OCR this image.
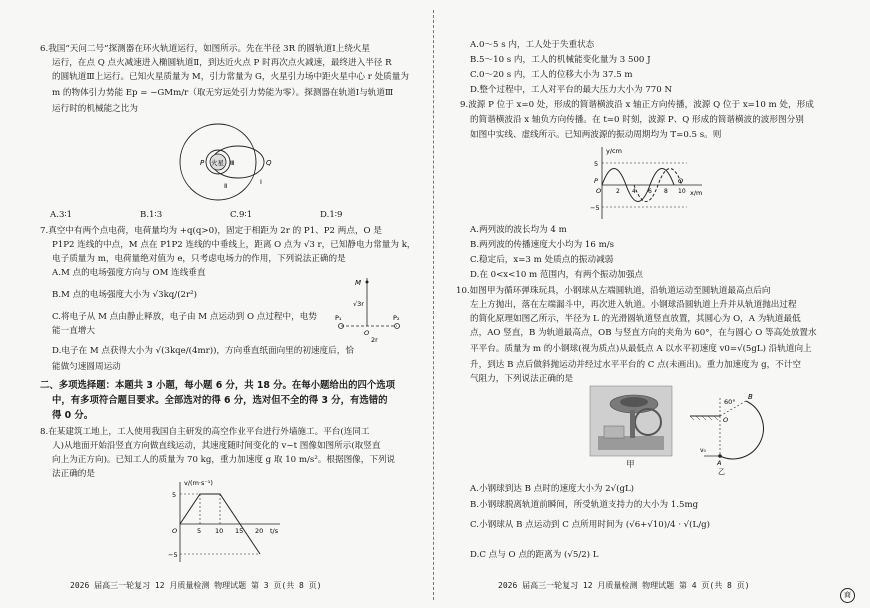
6.我国“天问二号”探测器在环火轨道运行，如图所示。先在半径 3R 的圆轨道Ⅰ上绕火星
运行，在点 Q 点火减速进入椭圆轨道Ⅱ，到达近火点 P 时再次点火减速，最终进入半径 R
的圆轨道Ⅲ上运行。已知火星质量为 M，引力常量为 G，火星引力场中距火星中心 r 处质量为
m 的物体引力势能 Ep = −GMm/r（取无穷远处引力势能为零）。探测器在轨道Ⅰ与轨道Ⅲ
运行时的机械能之比为
火星
P	Q
Ⅲ
Ⅱ	Ⅰ
A.3∶1	B.1∶3	C.9∶1	D.1∶9
7.真空中有两个点电荷，电荷量均为 +q(q>0)，固定于相距为 2r 的 P1、P2 两点，O 是
P1P2 连线的中点，M 点在 P1P2 连线的中垂线上，距离 O 点为 √3 r，已知静电力常量为 k，
电子质量为 m，电荷量绝对值为 e，只考虑电场力的作用，下列说法正确的是
A.M 点的电场强度方向与 OM 连线垂直
B.M 点的电场强度大小为 √3kq/(2r²)
C.将电子从 M 点由静止释放，电子由 M 点运动到 O 点过程中，电势
能一直增大
D.电子在 M 点获得大小为 √(3kqe/(4mr))，方向垂直纸面向里的初速度后，恰
能做匀速圆周运动
M
√3r
P₁	P₂
O
2r
二、多项选择题：本题共 3 小题，每小题 6 分，共 18 分。在每小题给出的四个选项
中，有多项符合题目要求。全部选对的得 6 分，选对但不全的得 3 分，有选错的
得 0 分。
8.在某建筑工地上，工人使用我国自主研发的高空作业平台进行外墙施工。平台(连同工
人)从地面开始沿竖直方向做直线运动，其速度随时间变化的 v−t 图像如图所示(取竖直
向上为正方向)。已知工人的质量为 70 kg，重力加速度 g 取 10 m/s²。根据图像，下列说
法正确的是
v/(m·s⁻¹)
t/s
5
−5
O	5 10 15 20
2026 届高三一轮复习 12 月质量检测 物理试题 第 3 页(共 8 页)
A.0～5 s 内，工人处于失重状态
B.5～10 s 内，工人的机械能变化量为 3 500 J
C.0～20 s 内，工人的位移大小为 37.5 m
D.整个过程中，工人对平台的最大压力大小为 770 N
9.波源 P 位于 x=0 处，形成的简谐横波沿 x 轴正方向传播，波源 Q 位于 x=10 m 处，形成
的简谐横波沿 x 轴负方向传播。在 t=0 时刻，波源 P、Q 形成的简谐横波的波形图分别
如图中实线、虚线所示。已知两波源的振动周期均为 T=0.5 s。则
y/cm
x/m
5
−5
P
O
Q
2 4 6 8 10
A.两列波的波长均为 4 m
B.两列波的传播速度大小均为 16 m/s
C.稳定后，x=3 m 处质点的振动减弱
D.在 0<x<10 m 范围内，有两个振动加强点
10.如图甲为循环弹珠玩具，小钢球从左端圆轨道，沿轨道运动至圆轨道最高点后向
左上方抛出，落在左端漏斗中，再次进入轨道。小钢球沿圆轨道上升并从轨道抛出过程
的简化原理如图乙所示，半径为 L 的光滑圆轨道竖直放置，其圆心为 O，A 为轨道最低
点，AO 竖直，B 为轨道最高点，OB 与竖直方向的夹角为 60°，在与圆心 O 等高处放置水
平平台。质量为 m 的小钢球(视为质点)从最低点 A 以水平初速度 v0=√(5gL) 沿轨道向上
升，到达 B 点后做斜抛运动并经过水平平台的 C 点(未画出)。重力加速度为 g，不计空
气阻力，下列说法正确的是
甲
60°
B
O
A
v₀
乙
A.小钢球到达 B 点时的速度大小为 2√(gL)
B.小钢球脱离轨道前瞬间，所受轨道支持力的大小为 1.5mg
C.小钢球从 B 点运动到 C 点所用时间为 (√6+√10)/4 · √(L/g)
D.C 点与 O 点的距离为 (√5/2) L
2026 届高三一轮复习 12 月质量检测 物理试题 第 4 页(共 8 页)
商
